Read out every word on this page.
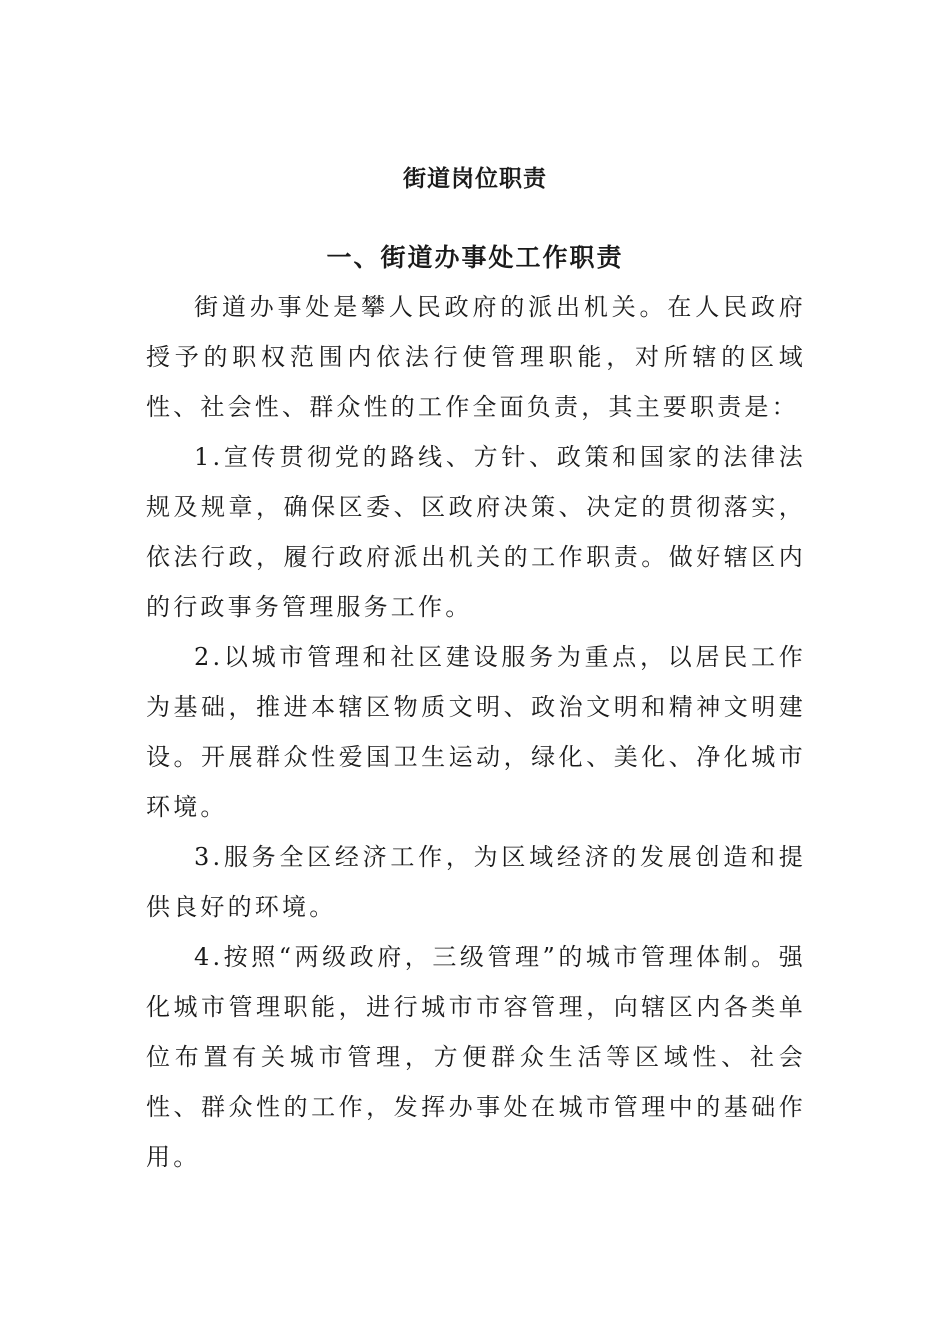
街道岗位职责
一、街道办事处工作职责

街道办事处是攀人民政府的派出机关。在人民政府授予的职权范围内依法行使管理职能，对所辖的区域性、社会性、群众性的工作全面负责，其主要职责是：

1.宣传贯彻党的路线、方针、政策和国家的法律法规及规章，确保区委、区政府决策、决定的贯彻落实，依法行政，履行政府派出机关的工作职责。做好辖区内的行政事务管理服务工作。

2.以城市管理和社区建设服务为重点，以居民工作为基础，推进本辖区物质文明、政治文明和精神文明建设。开展群众性爱国卫生运动，绿化、美化、净化城市环境。

3.服务全区经济工作，为区域经济的发展创造和提供良好的环境。

4.按照“两级政府，三级管理”的城市管理体制。强化城市管理职能，进行城市市容管理，向辖区内各类单位布置有关城市管理，方便群众生活等区域性、社会性、群众性的工作，发挥办事处在城市管理中的基础作用。
